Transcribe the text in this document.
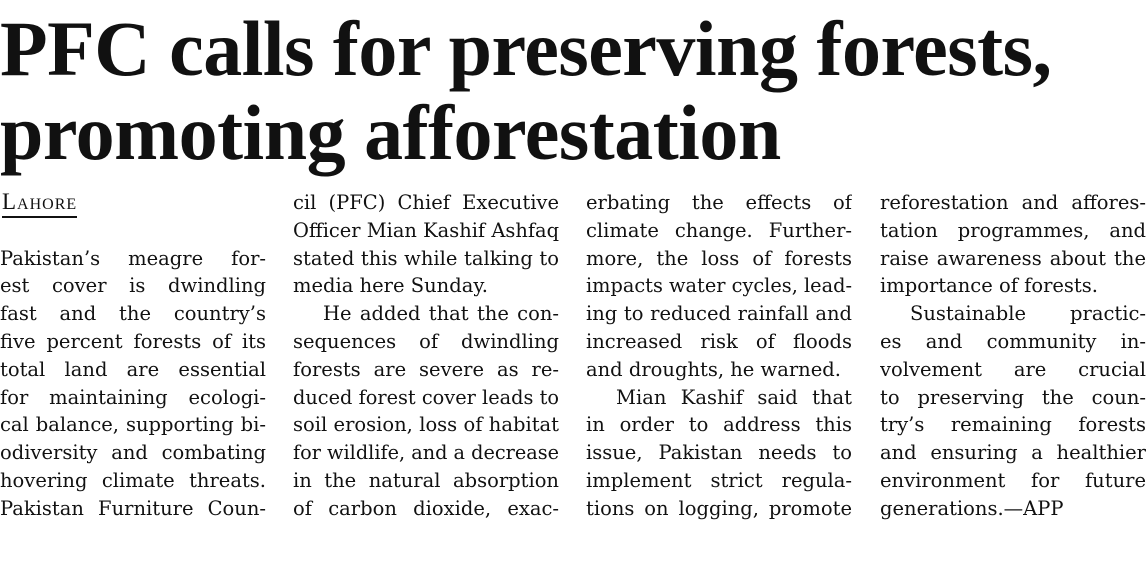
PFC calls for preserving forests,
promoting afforestation
Lahore
Pakistan’s meagre for-
est cover is dwindling
fast and the country’s
five percent forests of its
total land are essential
for maintaining ecologi-
cal balance, supporting bi-
odiversity and combating
hovering climate threats.
Pakistan Furniture Coun-
cil (PFC) Chief Executive
Officer Mian Kashif Ashfaq
stated this while talking to
media here Sunday.
He added that the con-
sequences of dwindling
forests are severe as re-
duced forest cover leads to
soil erosion, loss of habitat
for wildlife, and a decrease
in the natural absorption
of carbon dioxide, exac-
erbating the effects of
climate change. Further-
more, the loss of forests
impacts water cycles, lead-
ing to reduced rainfall and
increased risk of floods
and droughts, he warned.
Mian Kashif said that
in order to address this
issue, Pakistan needs to
implement strict regula-
tions on logging, promote
reforestation and affores-
tation programmes, and
raise awareness about the
importance of forests.
Sustainable practic-
es and community in-
volvement are crucial
to preserving the coun-
try’s remaining forests
and ensuring a healthier
environment for future
generations.—APP
